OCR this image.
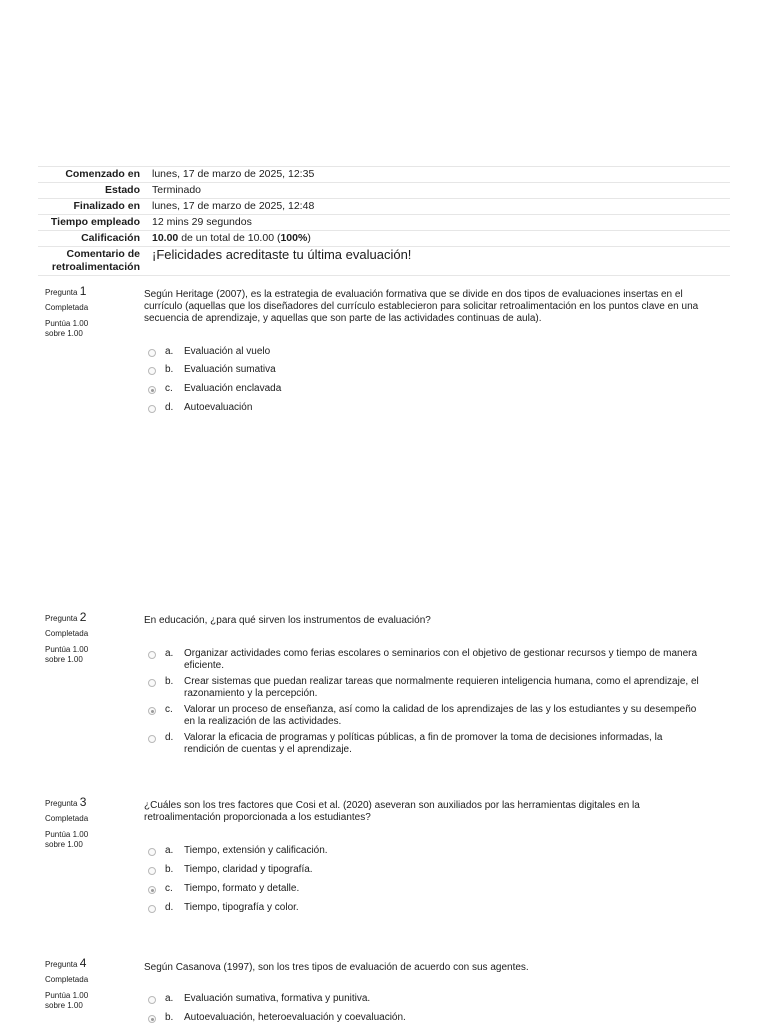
Comenzado en	lunes, 17 de marzo de 2025, 12:35
Estado	Terminado
Finalizado en	lunes, 17 de marzo de 2025, 12:48
Tiempo empleado	12 mins 29 segundos
Calificación	10.00 de un total de 10.00 (100%)
Comentario de retroalimentación	¡Felicidades acreditaste tu última evaluación!
Pregunta 1
Completada
Puntúa 1.00
sobre 1.00
Según Heritage (2007), es la estrategia de evaluación formativa que se divide en dos tipos de evaluaciones insertas en el currículo (aquellas que los diseñadores del currículo establecieron para solicitar retroalimentación en los puntos clave en una secuencia de aprendizaje, y aquellas que son parte de las actividades continuas de aula).
a. Evaluación al vuelo
b. Evaluación sumativa
c. Evaluación enclavada
d. Autoevaluación
Pregunta 2
Completada
Puntúa 1.00
sobre 1.00
En educación, ¿para qué sirven los instrumentos de evaluación?
a. Organizar actividades como ferias escolares o seminarios con el objetivo de gestionar recursos y tiempo de manera eficiente.
b. Crear sistemas que puedan realizar tareas que normalmente requieren inteligencia humana, como el aprendizaje, el razonamiento y la percepción.
c. Valorar un proceso de enseñanza, así como la calidad de los aprendizajes de las y los estudiantes y su desempeño en la realización de las actividades.
d. Valorar la eficacia de programas y políticas públicas, a fin de promover la toma de decisiones informadas, la rendición de cuentas y el aprendizaje.
Pregunta 3
Completada
Puntúa 1.00
sobre 1.00
¿Cuáles son los tres factores que Cosi et al. (2020) aseveran son auxiliados por las herramientas digitales en la retroalimentación proporcionada a los estudiantes?
a. Tiempo, extensión y calificación.
b. Tiempo, claridad y tipografía.
c. Tiempo, formato y detalle.
d. Tiempo, tipografía y color.
Pregunta 4
Completada
Puntúa 1.00
sobre 1.00
Según Casanova (1997), son los tres tipos de evaluación de acuerdo con sus agentes.
a. Evaluación sumativa, formativa y punitiva.
b. Autoevaluación, heteroevaluación y coevaluación.
